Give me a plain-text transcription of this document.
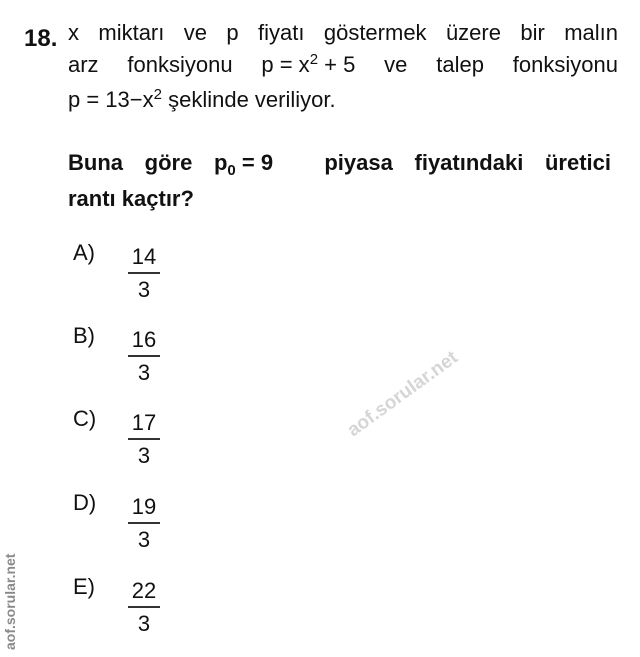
18. x miktarı ve p fiyatı göstermek üzere bir malın
arz fonksiyonu $p = x^2 + 5$ ve talep fonksiyonu
$p = 13-x^2$ şeklinde veriliyor.
Buna göre $p_0 = 9$ piyasa fiyatındaki üretici
rantı kaçtır?
A) 14
3
B) 16
3
C) 17
3
D) 19
3
E) 22
3
aof.sorular.net
aof.sorular.net
